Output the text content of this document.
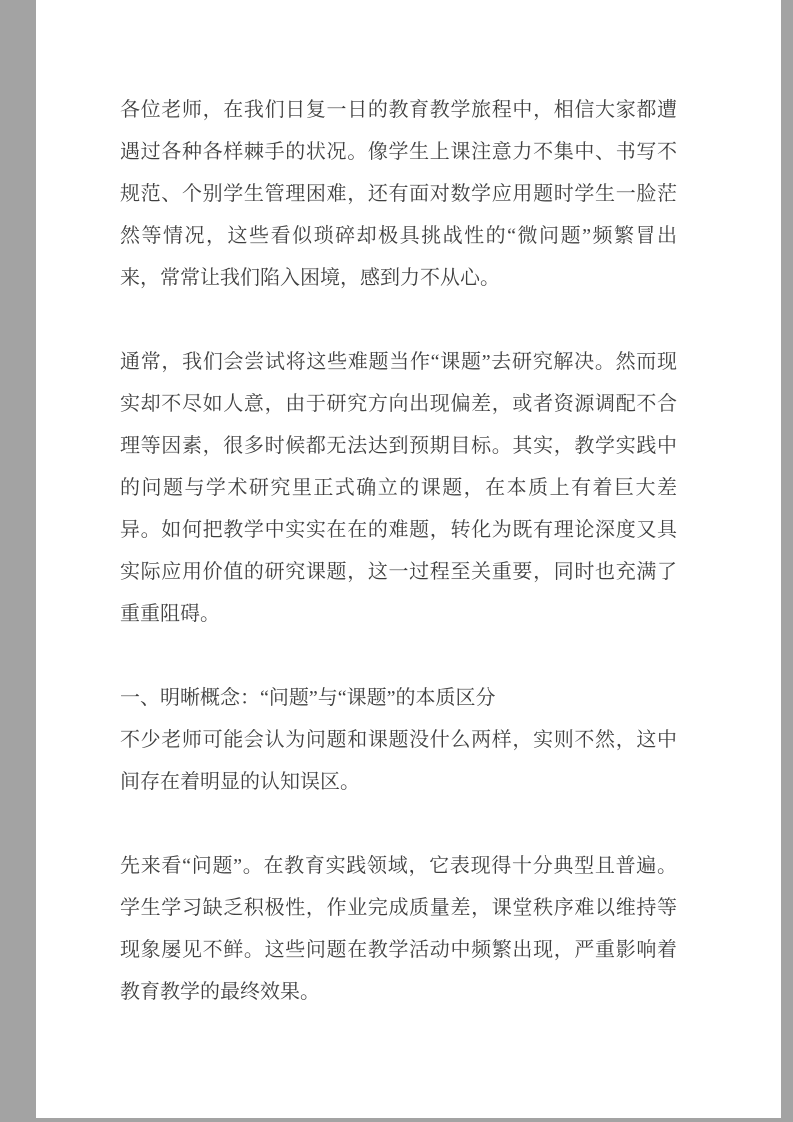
各位老师，在我们日复一日的教育教学旅程中，相信大家都遭遇过各种各样棘手的状况。像学生上课注意力不集中、书写不规范、个别学生管理困难，还有面对数学应用题时学生一脸茫然等情况，这些看似琐碎却极具挑战性的“微问题”频繁冒出来，常常让我们陷入困境，感到力不从心。

通常，我们会尝试将这些难题当作“课题”去研究解决。然而现实却不尽如人意，由于研究方向出现偏差，或者资源调配不合理等因素，很多时候都无法达到预期目标。其实，教学实践中的问题与学术研究里正式确立的课题，在本质上有着巨大差异。如何把教学中实实在在的难题，转化为既有理论深度又具实际应用价值的研究课题，这一过程至关重要，同时也充满了重重阻碍。

一、明晰概念：“问题”与“课题”的本质区分

不少老师可能会认为问题和课题没什么两样，实则不然，这中间存在着明显的认知误区。

先来看“问题”。在教育实践领域，它表现得十分典型且普遍。学生学习缺乏积极性，作业完成质量差，课堂秩序难以维持等现象屡见不鲜。这些问题在教学活动中频繁出现，严重影响着教育教学的最终效果。
